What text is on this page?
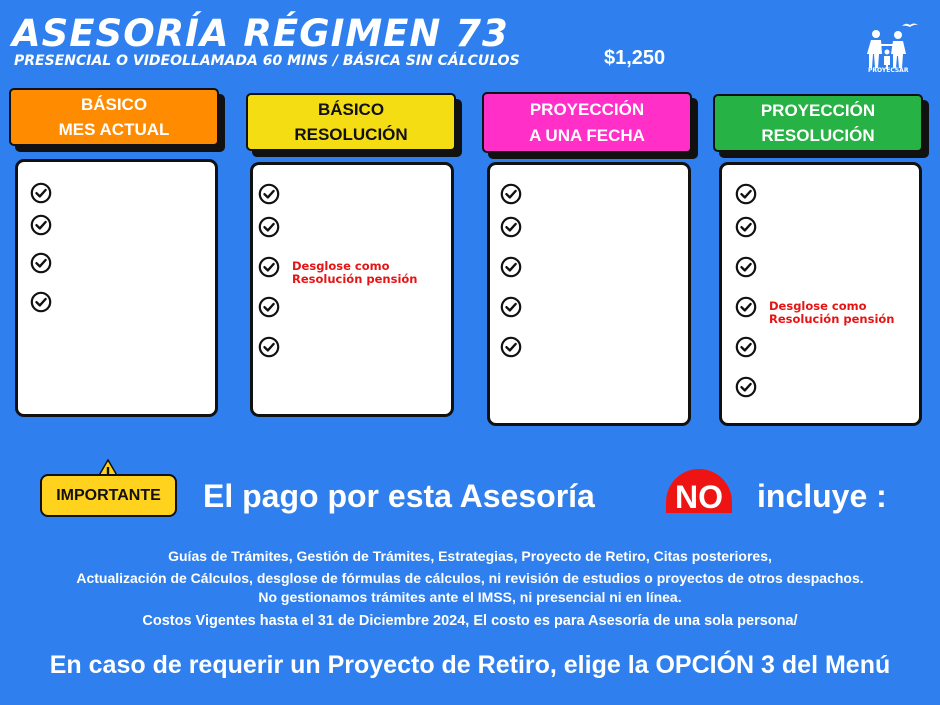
ASESORÍA RÉGIMEN 73
PRESENCIAL O VIDEOLLAMADA 60 MINS / BÁSICA SIN CÁLCULOS	$1,250
PROYECSAR
BÁSICO
MES ACTUAL
Duración 60 minutos
Resultado Pensión
Mes Actual.
Sin avanzar en el
tiempo
Con una Variable de
Semanas cotizadas
BÁSICO
RESOLUCIÓN
Duración 60 minutos
Resultado Pensión
Mes Actual.
Desglose como
Resolución pensión
Sin avanzar en el
tiempo
Con una Variable de
Semanas cotizadas
PROYECCIÓN
A UNA FECHA
Duración 60 minutos
Resultado Pensión a
una fecha solicitada.
Máximo un año de
Proyección
Sin desglose de
recorrido avanzado
Con una Variable de
Semanas cotizadas
PROYECCIÓN
RESOLUCIÓN
Duración 60 minutos
Resultado Pensión a
una fecha solicitada.
Máximo un año de
Proyección
Desglose como
Resolución pensión
Sin desglose de
recorrido avanzado
Con una Variable de
Semanas cotizadas
IMPORTANTE	El pago por esta Asesoría	NO incluye :
Guías de Trámites, Gestión de Trámites, Estrategias, Proyecto de Retiro, Citas posteriores,
Actualización de Cálculos, desglose de fórmulas de cálculos, ni revisión de estudios o proyectos de otros despachos.
No gestionamos trámites ante el IMSS, ni presencial ni en línea.
Costos Vigentes hasta el 31 de Diciembre 2024, El costo es para Asesoría de una sola persona/
En caso de requerir un Proyecto de Retiro, elige la OPCIÓN 3 del Menú
